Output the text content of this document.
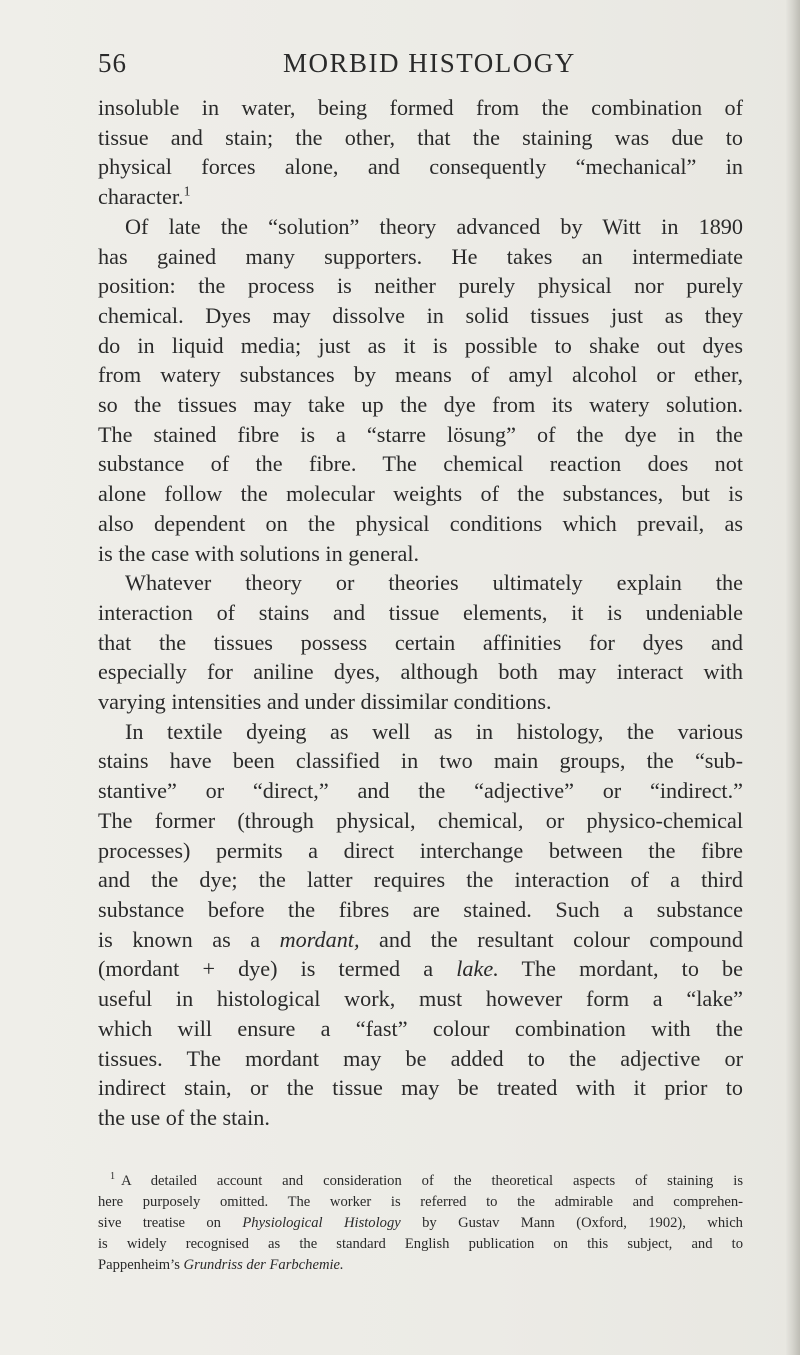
56	MORBID HISTOLOGY
insoluble in water, being formed from the combination of
tissue and stain; the other, that the staining was due to
physical forces alone, and consequently “mechanical” in
character.$^1$
Of late the “solution” theory advanced by Witt in 1890
has gained many supporters. He takes an intermediate
position: the process is neither purely physical nor purely
chemical. Dyes may dissolve in solid tissues just as they
do in liquid media; just as it is possible to shake out dyes
from watery substances by means of amyl alcohol or ether,
so the tissues may take up the dye from its watery solution.
The stained fibre is a “starre lösung” of the dye in the
substance of the fibre. The chemical reaction does not
alone follow the molecular weights of the substances, but is
also dependent on the physical conditions which prevail, as
is the case with solutions in general.
Whatever theory or theories ultimately explain the
interaction of stains and tissue elements, it is undeniable
that the tissues possess certain affinities for dyes and
especially for aniline dyes, although both may interact with
varying intensities and under dissimilar conditions.
In textile dyeing as well as in histology, the various
stains have been classified in two main groups, the “sub-
stantive” or “direct,” and the “adjective” or “indirect.”
The former (through physical, chemical, or physico-chemical
processes) permits a direct interchange between the fibre
and the dye; the latter requires the interaction of a third
substance before the fibres are stained. Such a substance
is known as a mordant, and the resultant colour compound
(mordant + dye) is termed a lake. The mordant, to be
useful in histological work, must however form a “lake”
which will ensure a “fast” colour combination with the
tissues. The mordant may be added to the adjective or
indirect stain, or the tissue may be treated with it prior to
the use of the stain.
$^1$ A detailed account and consideration of the theoretical aspects of staining is
here purposely omitted. The worker is referred to the admirable and comprehen-
sive treatise on Physiological Histology by Gustav Mann (Oxford, 1902), which
is widely recognised as the standard English publication on this subject, and to
Pappenheim’s Grundriss der Farbchemie.
